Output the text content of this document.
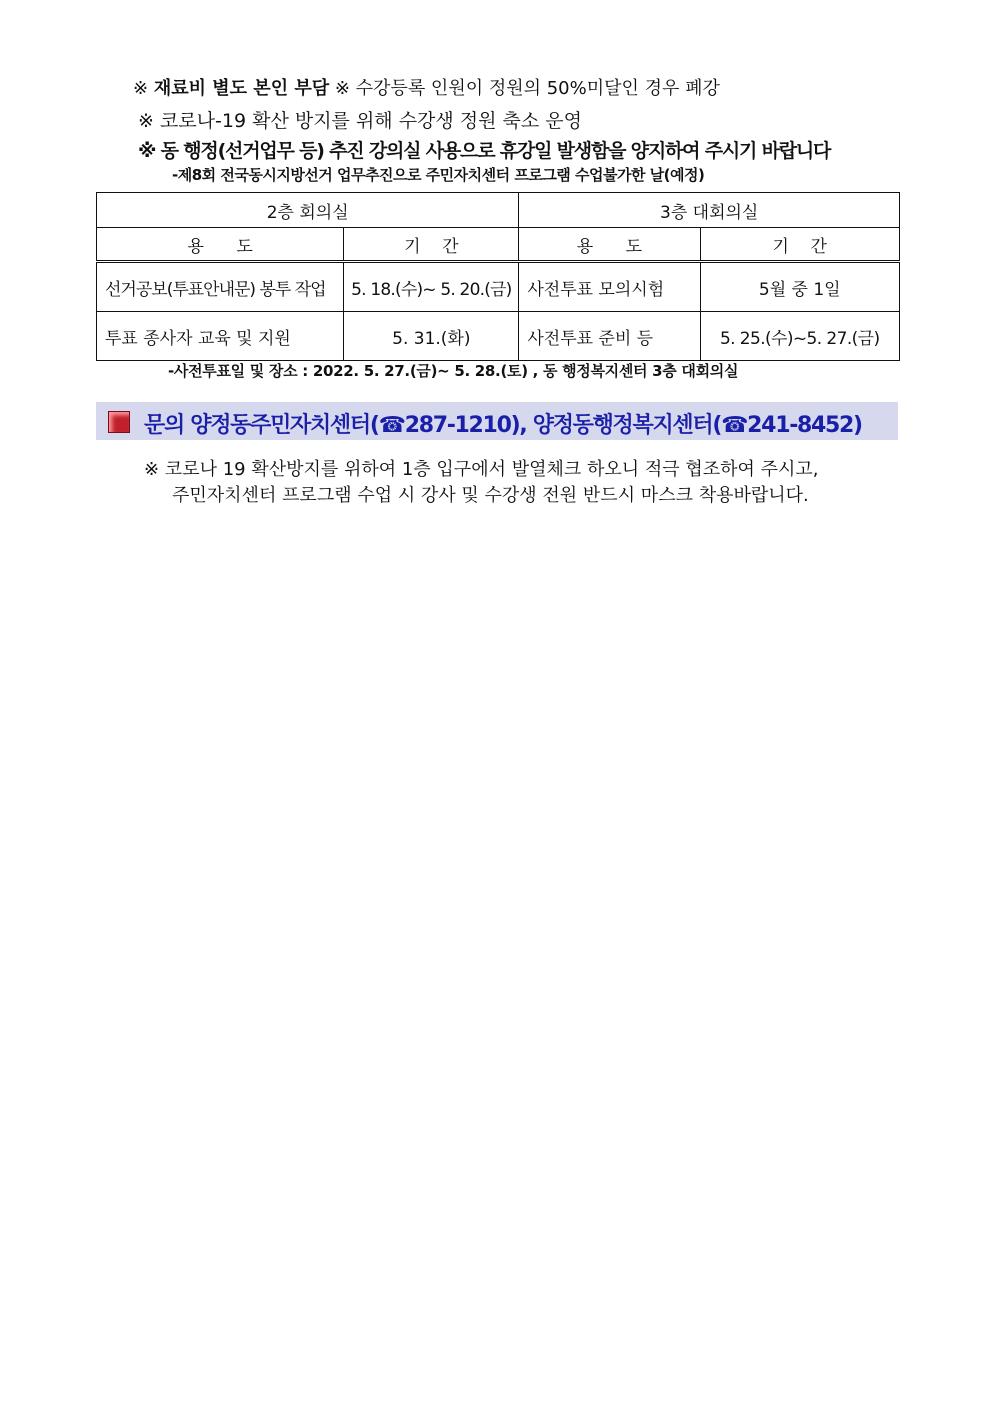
※ 재료비 별도 본인 부담 ※ 수강등록 인원이 정원의 50%미달인 경우 폐강
※ 코로나-19 확산 방지를 위해 수강생 정원 축소 운영
※ 동 행정(선거업무 등) 추진 강의실 사용으로 휴강일 발생함을 양지하여 주시기 바랍니다
-제8회 전국동시지방선거 업무추진으로 주민자치센터 프로그램 수업불가한 날(예정)
2층 회의실		3층 대회의실	
용      도	기    간	용      도	기    간
선거공보(투표안내문) 봉투 작업	5. 18.(수)~ 5. 20.(금)	사전투표 모의시험	5월 중 1일
투표 종사자 교육 및 지원	5. 31.(화)	사전투표 준비 등	5. 25.(수)~5. 27.(금)
-사전투표일 및 장소 : 2022. 5. 27.(금)~ 5. 28.(토) , 동 행정복지센터 3층 대회의실
문의 양정동주민자치센터(☎287-1210), 양정동행정복지센터(☎241-8452)
※ 코로나 19 확산방지를 위하여 1층 입구에서 발열체크 하오니 적극 협조하여 주시고,
주민자치센터 프로그램 수업 시 강사 및 수강생 전원 반드시 마스크 착용바랍니다.
